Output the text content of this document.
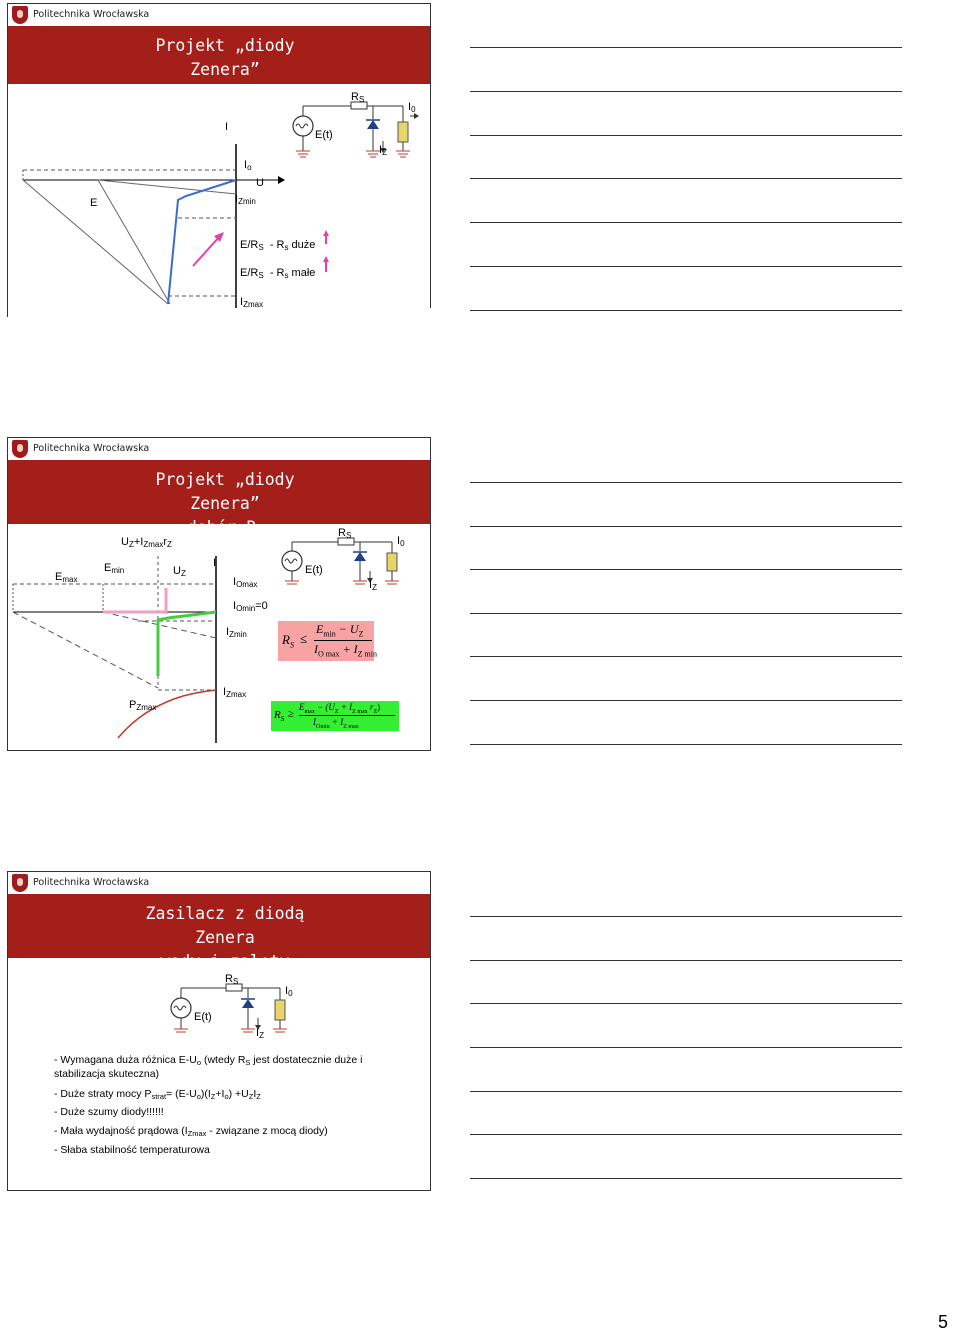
Politechnika Wrocławska
Projekt „diody Zenera”
dobór $R_S$
I
$R_S$
$I_0$
E(t)
$I_Z$
$I_o$
U
E	$I_{Zmin}$
$E/R_S - R_s$ duże
$E/R_S - R_s$ małe
$I_{Zmax}$
Politechnika Wrocławska
Projekt „diody Zenera”
dobór $R_S$
$U_Z+I_{Zmax}r_Z$
$R_S$	$I_0$
$E_{max}$
$E_{min}$	$U_Z$
I
$I_{Omax}$
E(t)
$I_Z$
$I_{Omin}=0$
$I_{Zmin}$
$P_{Zmax}$
$I_{Zmax}$
$R_S$ ≤
$E_{min} - U_Z$
$I_{O max} + I_{Z min}$
$R_S$ ≥
$E_{max} - (U_Z + I_{Z max}$ $r_Z$)
$I_{Omin} + I_{Z max}$
Politechnika Wrocławska
Zasilacz z diodą Zenera
wady i zalety
$R_S$
$I_0$
E(t)
$I_Z$
- Wymagana duża różnica $E-U_o$ (wtedy $R_S$ jest dostatecznie duże i
stabilizacja skuteczna)
- Duże straty mocy $P_{strat}= (E-U_o)(I_Z+I_o) +U_ZI_Z$
- Duże szumy diody!!!!!!
- Mała wydajność prądowa ($I_{Zmax}$ - związane z mocą diody)
- Słaba stabilność temperaturowa
5
